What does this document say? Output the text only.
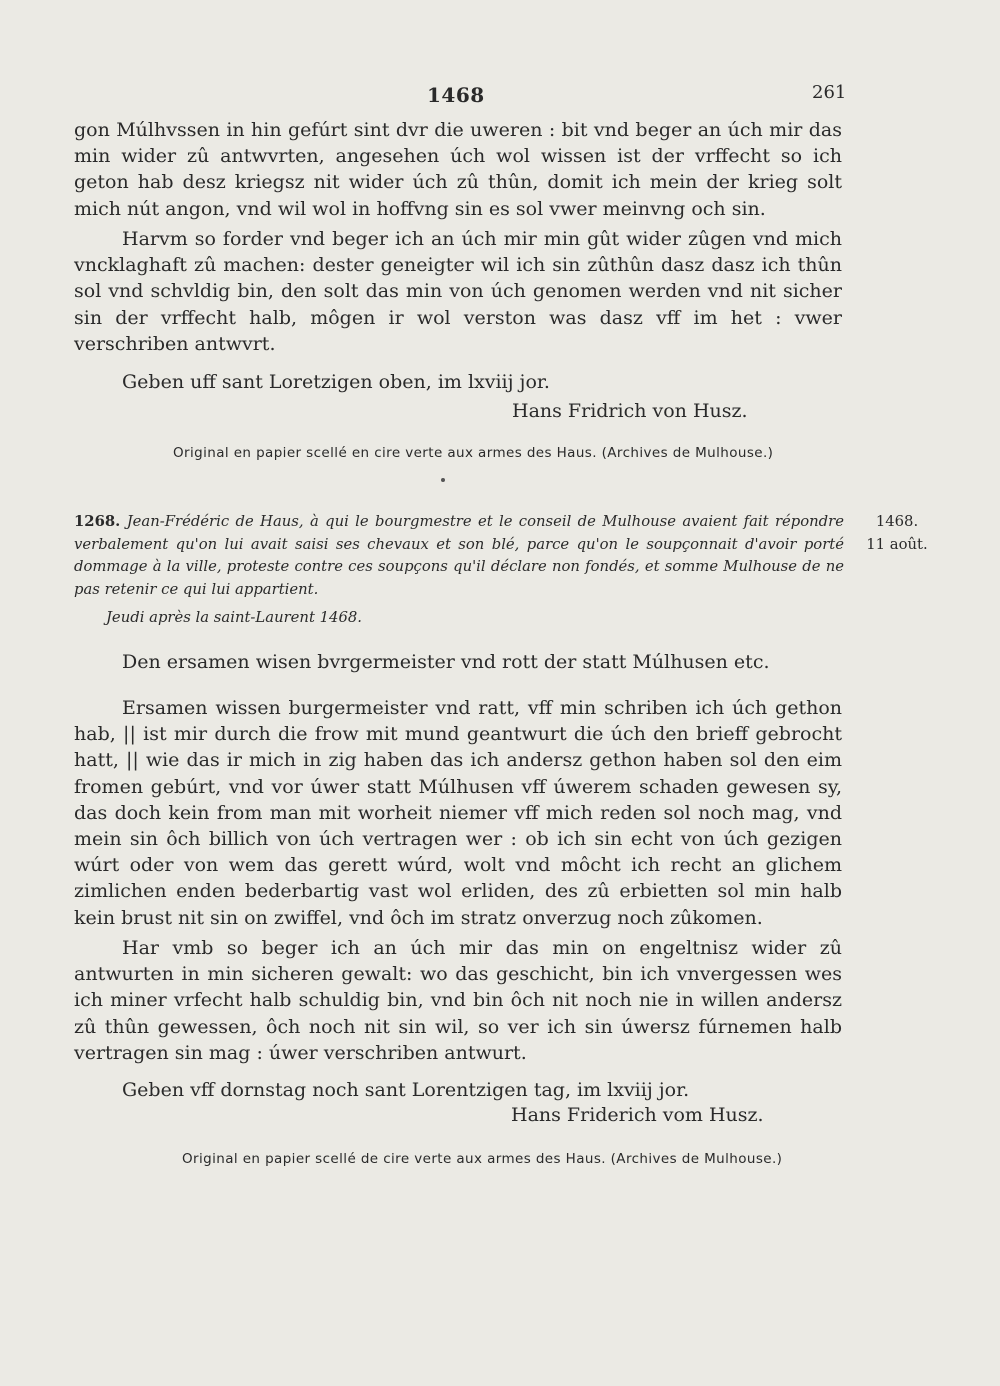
1468	261

gon Múlhvssen in hin gefúrt sint dvr die uweren : bit vnd beger an úch mir das min wider zû antwvrten, angesehen úch wol wissen ist der vrffecht so ich geton hab desz kriegsz nit wider úch zû thûn, domit ich mein der krieg solt mich nút angon, vnd wil wol in hoffvng sin es sol vwer meinvng och sin.

Harvm so forder vnd beger ich an úch mir min gût wider zûgen vnd mich vncklaghaft zû machen: dester geneigter wil ich sin zûthûn dasz dasz ich thûn sol vnd schvldig bin, den solt das min von úch genomen werden vnd nit sicher sin der vrffecht halb, môgen ir wol verston was dasz vff im het : vwer verschriben antwvrt.

Geben uff sant Loretzigen oben, im lxviij jor.

Hans Fridrich von Husz.

Original en papier scellé en cire verte aux armes des Haus. (Archives de Mulhouse.)

1268. Jean-Frédéric de Haus, à qui le bourgmestre et le conseil de Mulhouse avaient fait répondre verbalement qu'on lui avait saisi ses chevaux et son blé, parce qu'on le soupçonnait d'avoir porté dommage à la ville, proteste contre ces soupçons qu'il déclare non fondés, et somme Mulhouse de ne pas retenir ce qui lui appartient.

1468.
11 août.

Jeudi après la saint-Laurent 1468.

Den ersamen wisen bvrgermeister vnd rott der statt Múlhusen etc.

Ersamen wissen burgermeister vnd ratt, vff min schriben ich úch gethon hab, || ist mir durch die frow mit mund geantwurt die úch den brieff gebrocht hatt, || wie das ir mich in zig haben das ich andersz gethon haben sol den eim fromen gebúrt, vnd vor úwer statt Múlhusen vff úwerem schaden gewesen sy, das doch kein from man mit worheit niemer vff mich reden sol noch mag, vnd mein sin ôch billich von úch vertragen wer : ob ich sin echt von úch gezigen wúrt oder von wem das gerett wúrd, wolt vnd môcht ich recht an glichem zimlichen enden bederbartig vast wol erliden, des zû erbietten sol min halb kein brust nit sin on zwiffel, vnd ôch im stratz onverzug noch zûkomen.

Har vmb so beger ich an úch mir das min on engeltnisz wider zû antwurten in min sicheren gewalt: wo das geschicht, bin ich vnvergessen wes ich miner vrfecht halb schuldig bin, vnd bin ôch nit noch nie in willen andersz zû thûn gewessen, ôch noch nit sin wil, so ver ich sin úwersz fúrnemen halb vertragen sin mag : úwer verschriben antwurt.

Geben vff dornstag noch sant Lorentzigen tag, im lxviij jor.

Hans Friderich vom Husz.

Original en papier scellé de cire verte aux armes des Haus. (Archives de Mulhouse.)
